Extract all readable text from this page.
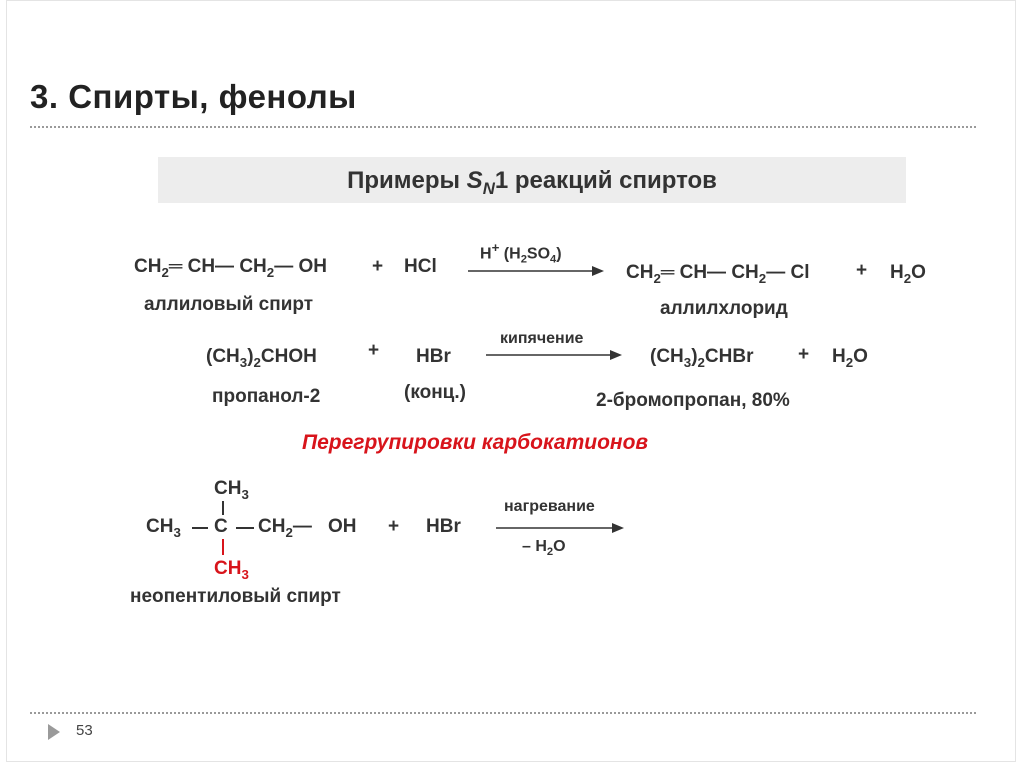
3. Спирты, фенолы
Примеры $S_N1$ реакций спиртов
$CH_2═$ CH— $CH_2—$ OH + HCl
H+ $(H_2SO_4)$
$CH_2═$ CH— $CH_2—$ $Cl + H_2O$
аллиловый спирт	аллилхлорид
$(CH_3)_2CHOH$	+ HBr
кипячение
$(CH_3)_2CHBr + H_2O$
пропанол-2	(конц.)	2-бромопропан, 80%
Перегрупировки карбокатионов
$CH_3$
$CH_3$ C $CH_2—$ OH
$CH_3$
+ HBr
нагревание
– $H_2O$
неопентиловый спирт
53
